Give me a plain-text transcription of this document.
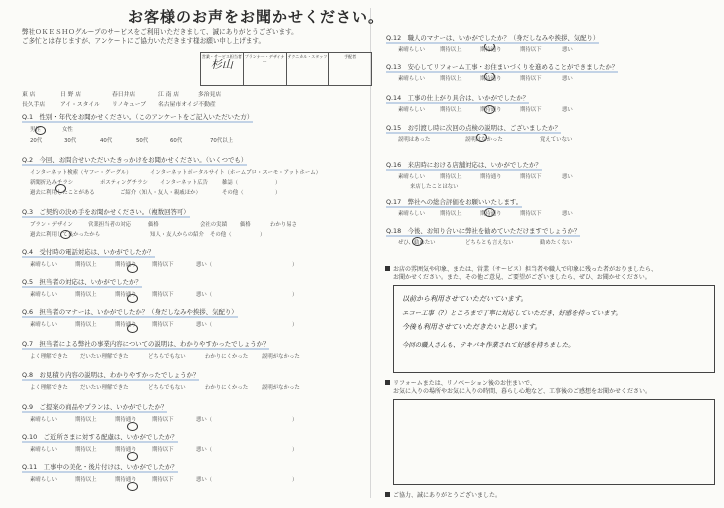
お客様のお声をお聞かせください。
弊社ＯＫＥＳＨＯグループのサービスをご利用いただきまして、誠にありがとうございます。
ご多忙とは存じますが、アンケートにご協力いただきます様お願い申し上げます。
営業・サービス担当者
杉山
プランナー・デザイナー
テクニカル・スタッフ	手配者
東 店	日 野 店	春日井店	江 南 店	多治見店
長久手店	アイ・スタイル リノキューブ 名古屋市オイジ不動産
お店の雰囲気や印象、または、営業（サービス）担当者や職人で印象に残った者がおりましたら、
お聞かせください。また、その他ご意見、ご要望がございましたら、ぜひ、お聞かせください。
以前から利用させていただいています。
エコー工事（?）ところまで丁寧に対応していただき、好感を持っています。
今後も利用させていただきたいと思います。
今回の職人さんも、テキパキ作業されて好感を持ちました。
リフォームまたは、リノベーション後のお住まいで、
お気に入りの場所やお気に入りの時間、暮らし心地など、工事後のご感想をお聞かせください。
ご協力、誠にありがとうございました。
Q.1　性別・年代をお聞かせください。（このアンケートをご記入いただいた方）
男性	女性
20代	30代	40代	50代	60代	70代以上
Q.2　今回、お問合せいただいたきっかけをお聞かせください。（いくつでも）
インターネット検索（ヤフー・グーグル）	インターネットポータルサイト（ホームプロ・スーモ・アットホーム）
新聞折込みチラシ	ポスティングチラシ インターネット広告	雑誌（	）
過去に利用したことがある	ご紹介（知人・友人・親戚ほか）	その他（	）
Q.3　ご契約の決め手をお聞かせください。（複数回答可）
プラン・デザイン	営業担当者の対応	価格	会社の実績 価格	わかり易さ
過去に利用して良かったから	知人・友人からの紹介 その他（	）
Q.4　受付時の電話対応は、いかがでしたか？
素晴らしい	期待以上	期待通り	期待以下	悪い（	）
Q.5　担当者の対応は、いかがでしたか？
素晴らしい	期待以上	期待通り	期待以下	悪い（	）
Q.6　担当者のマナーは、いかがでしたか？（身だしなみや挨拶、気配り）
素晴らしい	期待以上	期待通り	期待以下	悪い（	）
Q.7　担当者による弊社の事業内容についての説明は、わかりやすかったでしょうか？
よく理解できた だいたい理解できた	どちらでもない	わかりにくかった	説明がなかった
Q.8　お見積り内容の説明は、わかりやすかったでしょうか？
よく理解できた だいたい理解できた	どちらでもない	わかりにくかった	説明がなかった
Q.9　ご提案の商品やプランは、いかがでしたか？
素晴らしい	期待以上	期待通り	期待以下	悪い（	）
Q.10　ご近所さまに対する配慮は、いかがでしたか？
素晴らしい	期待以上	期待通り	期待以下	悪い（	）
Q.11　工事中の美化・後片付けは、いかがでしたか？
素晴らしい	期待以上	期待通り	期待以下	悪い（	）
Q.12　職人のマナーは、いかがでしたか？（身だしなみや挨拶、気配り）
素晴らしい	期待以上	期待通り	期待以下	悪い
Q.13　安心してリフォーム工事・お住まいづくりを進めることができましたか？
素晴らしい	期待以上	期待通り	期待以下	悪い
Q.14　工事の仕上がり具合は、いかがでしたか？
素晴らしい	期待以上	期待通り	期待以下	悪い
Q.15　お引渡し時に次回の点検の説明は、ございましたか？
説明はあった	説明はなかった	覚えていない
Q.16　来店時における店舗対応は、いかがでしたか？
素晴らしい	期待以上	期待通り	期待以下	悪い
来店したことはない
Q.17　弊社への総合評価をお願いいたします。
素晴らしい	期待以上	期待通り	期待以下	悪い
Q.18　今後、お知り合いに弊社を勧めていただけますでしょうか？
ぜひ、勧めたい	どちらとも言えない	勧めたくない
